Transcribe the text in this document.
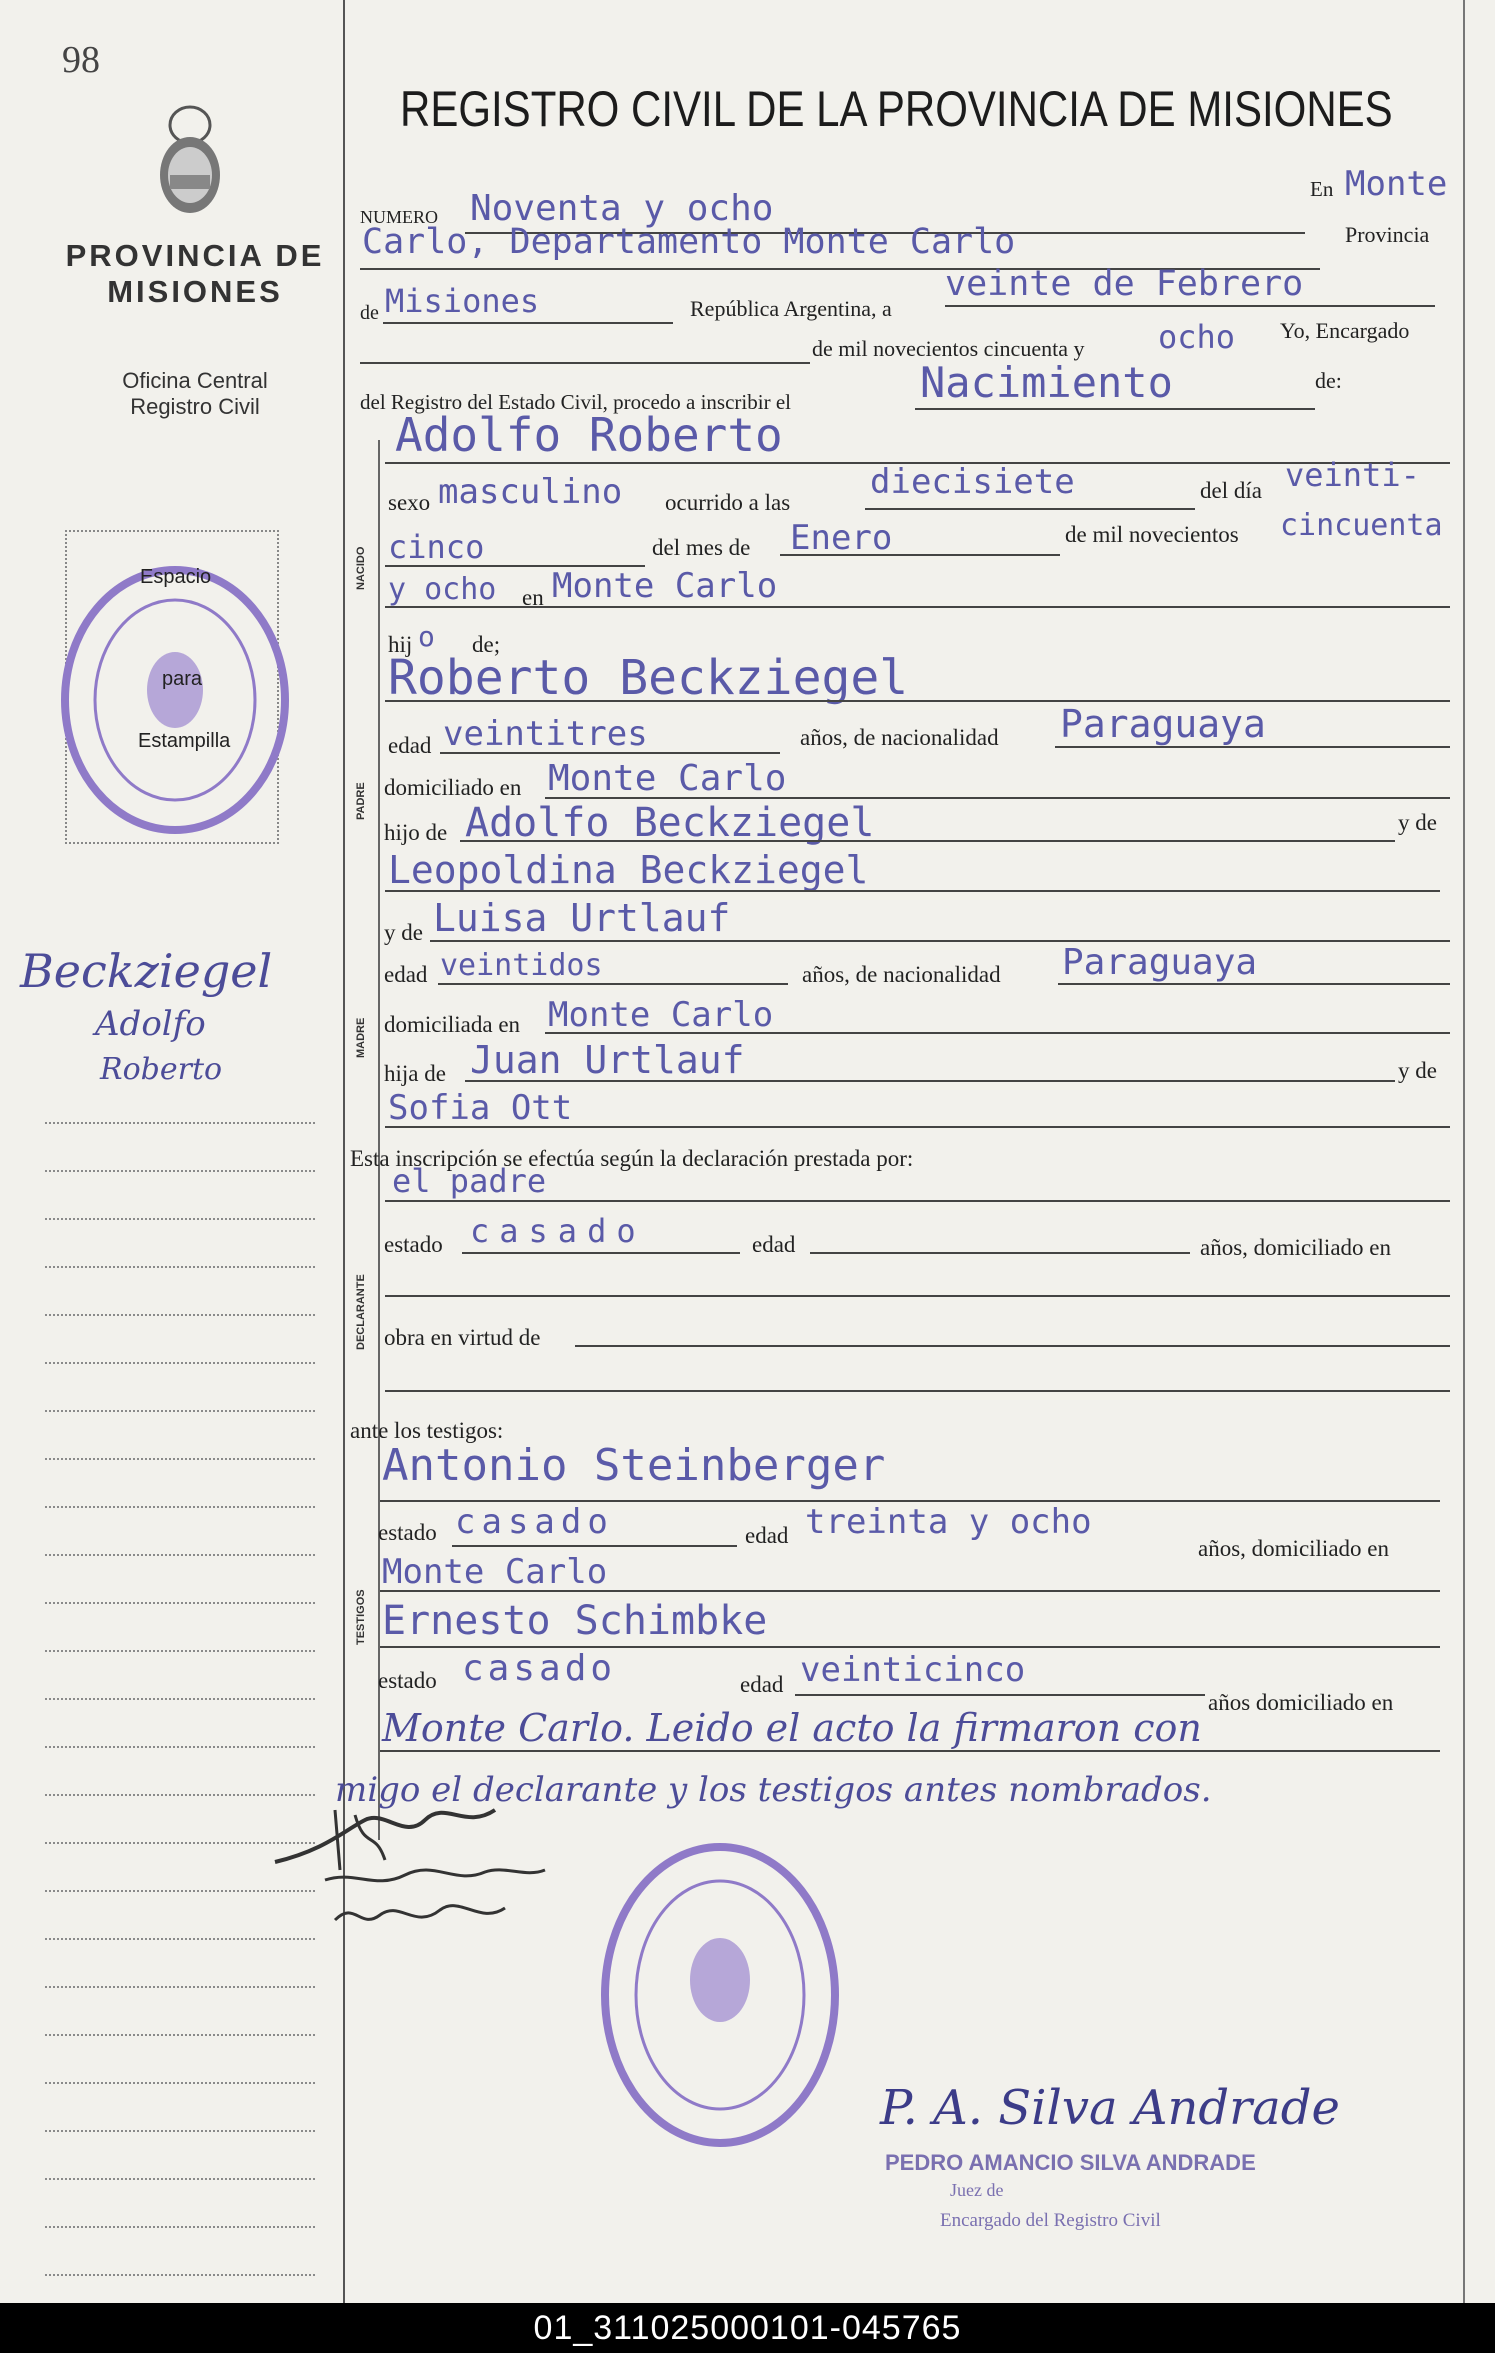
98
PROVINCIA DE
MISIONES
Oficina Central
Registro Civil
Espacio
para
Estampilla
Beckziegel
Adolfo
Roberto
REGISTRO CIVIL DE LA PROVINCIA DE MISIONES
NUMERO Noventa y ocho	En Monte
Carlo, Departamento Monte Carlo	Provincia
de Misiones	República Argentina, a
veinte de Febrero
de mil novecientos cincuenta y ocho Yo, Encargado
del Registro del Estado Civil, procedo a inscribir el	Nacimiento	de:
NACIDO
Adolfo Roberto
sexo masculino ocurrido a las
diecisiete	del día veinti-
cinco	del mes de Enero	de mil novecientos cincuenta
y ocho en Monte Carlo
hij o de;
PADRE
Roberto Beckziegel
edad veintitres	años, de nacionalidad Paraguaya
domiciliado en Monte Carlo
hijo de Adolfo Beckziegel	y de
Leopoldina Beckziegel
MADRE
y de Luisa Urtlauf
edad veintidos	años, de nacionalidad Paraguaya
domiciliada en Monte Carlo
hija de Juan Urtlauf	y de
Sofia Ott
Esta inscripción se efectúa según la declaración prestada por:
DECLARANTE
el padre
estado casado	edad	años, domiciliado en
obra en virtud de
ante los testigos:
TESTIGOS
Antonio Steinberger
estado casado	edad treinta y ocho
años, domiciliado en
Monte Carlo
Ernesto Schimbke
estado casado	edad veinticinco
años domiciliado en
Monte Carlo. Leido el acto la firmaron con
migo el declarante y los testigos antes nombrados.
P. A. Silva Andrade
PEDRO AMANCIO SILVA ANDRADE
Juez de
Encargado del Registro Civil
01_311025000101-045765
